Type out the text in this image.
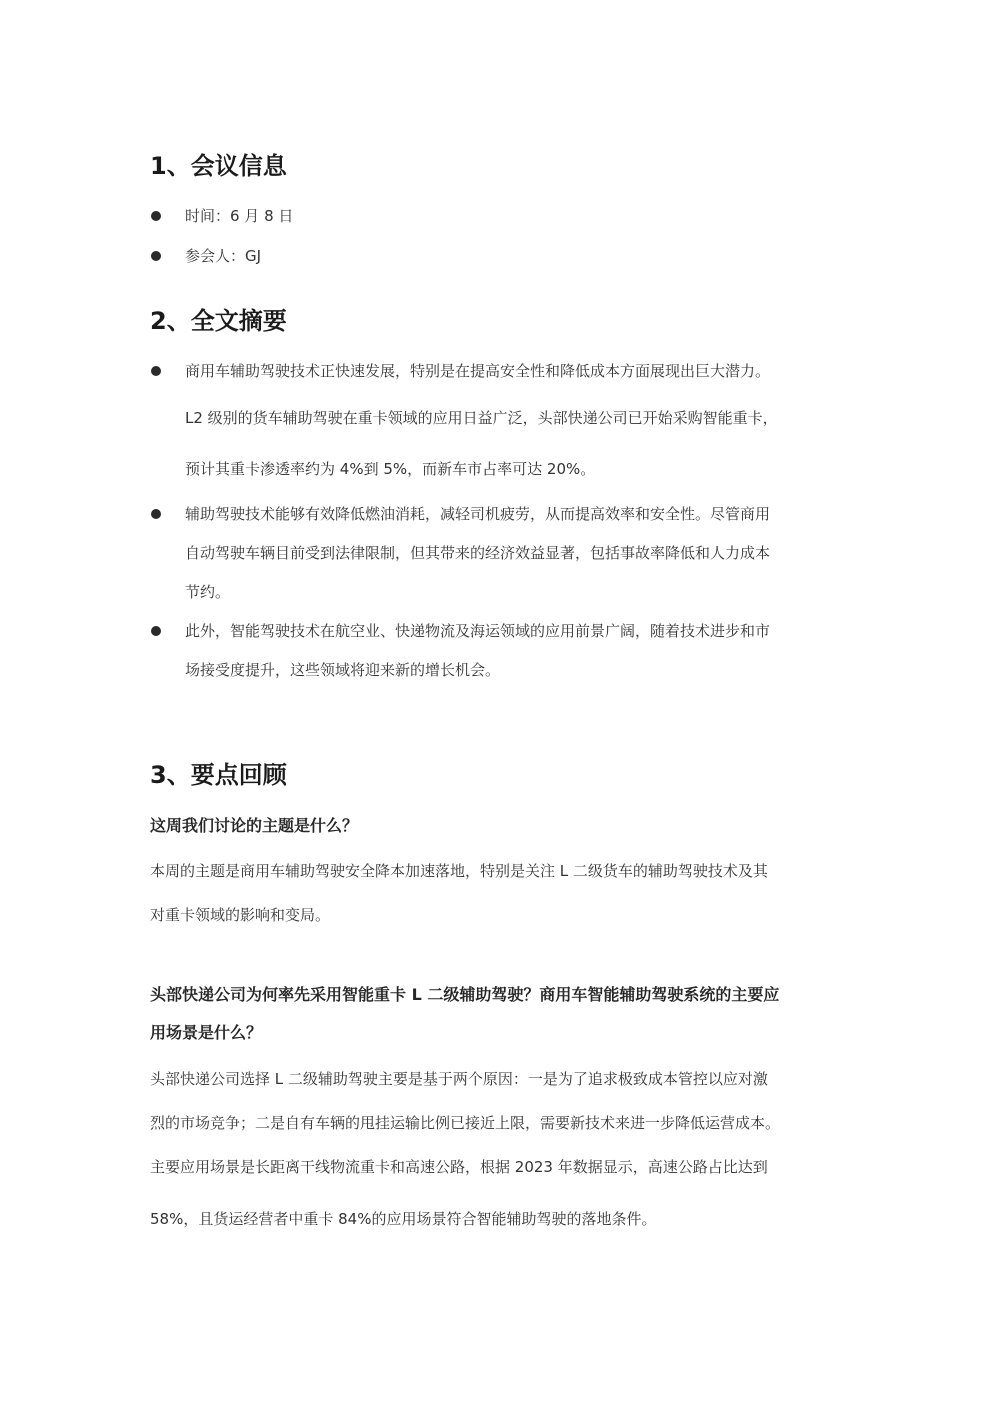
1、会议信息
时间：6 月 8 日
参会人：GJ
2、全文摘要
商用车辅助驾驶技术正快速发展，特别是在提高安全性和降低成本方面展现出巨大潜力。
L2 级别的货车辅助驾驶在重卡领域的应用日益广泛，头部快递公司已开始采购智能重卡，
预计其重卡渗透率约为 4%到 5%，而新车市占率可达 20%。
辅助驾驶技术能够有效降低燃油消耗，减轻司机疲劳，从而提高效率和安全性。尽管商用
自动驾驶车辆目前受到法律限制，但其带来的经济效益显著，包括事故率降低和人力成本
节约。
此外，智能驾驶技术在航空业、快递物流及海运领域的应用前景广阔，随着技术进步和市
场接受度提升，这些领域将迎来新的增长机会。
3、要点回顾
这周我们讨论的主题是什么？
本周的主题是商用车辅助驾驶安全降本加速落地，特别是关注 L 二级货车的辅助驾驶技术及其
对重卡领域的影响和变局。
头部快递公司为何率先采用智能重卡 L 二级辅助驾驶？商用车智能辅助驾驶系统的主要应
用场景是什么？
头部快递公司选择 L 二级辅助驾驶主要是基于两个原因：一是为了追求极致成本管控以应对激
烈的市场竞争；二是自有车辆的甩挂运输比例已接近上限，需要新技术来进一步降低运营成本。
主要应用场景是长距离干线物流重卡和高速公路，根据 2023 年数据显示，高速公路占比达到
58%，且货运经营者中重卡 84%的应用场景符合智能辅助驾驶的落地条件。
